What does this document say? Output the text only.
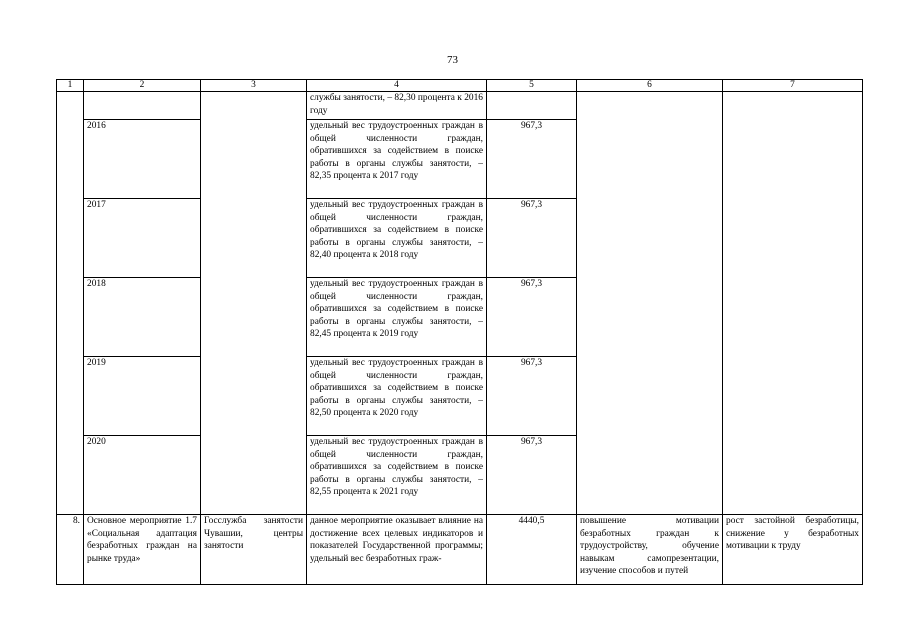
73
1	2	3	4	5	6	7
			службы занятости, – 82,30 процента к 2016 году			
	2016		удельный вес трудоустроенных граждан в общей численности граждан, обратившихся за содействием в поиске работы в органы службы занятости, – 82,35 процента к 2017 году	967,3		
	2017		удельный вес трудоустроенных граждан в общей численности граждан, обратившихся за содействием в поиске работы в органы службы занятости, – 82,40 процента к 2018 году	967,3		
	2018		удельный вес трудоустроенных граждан в общей численности граждан, обратившихся за содействием в поиске работы в органы службы занятости, – 82,45 процента к 2019 году	967,3		
	2019		удельный вес трудоустроенных граждан в общей численности граждан, обратившихся за содействием в поиске работы в органы службы занятости, – 82,50 процента к 2020 году	967,3		
	2020		удельный вес трудоустроенных граждан в общей численности граждан, обратившихся за содействием в поиске работы в органы службы занятости, – 82,55 процента к 2021 году	967,3		
8.	Основное мероприятие 1.7 «Социальная адаптация безработных граждан на рынке труда»	Госслужба занятости Чувашии, центры занятости	данное мероприятие оказывает влияние на достижение всех целевых индикаторов и показателей Государственной программы; удельный вес безработных граж-	4440,5	повышение мотивации безработных граждан к трудоустройству, обучение навыкам самопрезентации, изучение способов и путей	рост застойной безработицы, снижение у безработных мотивации к труду
